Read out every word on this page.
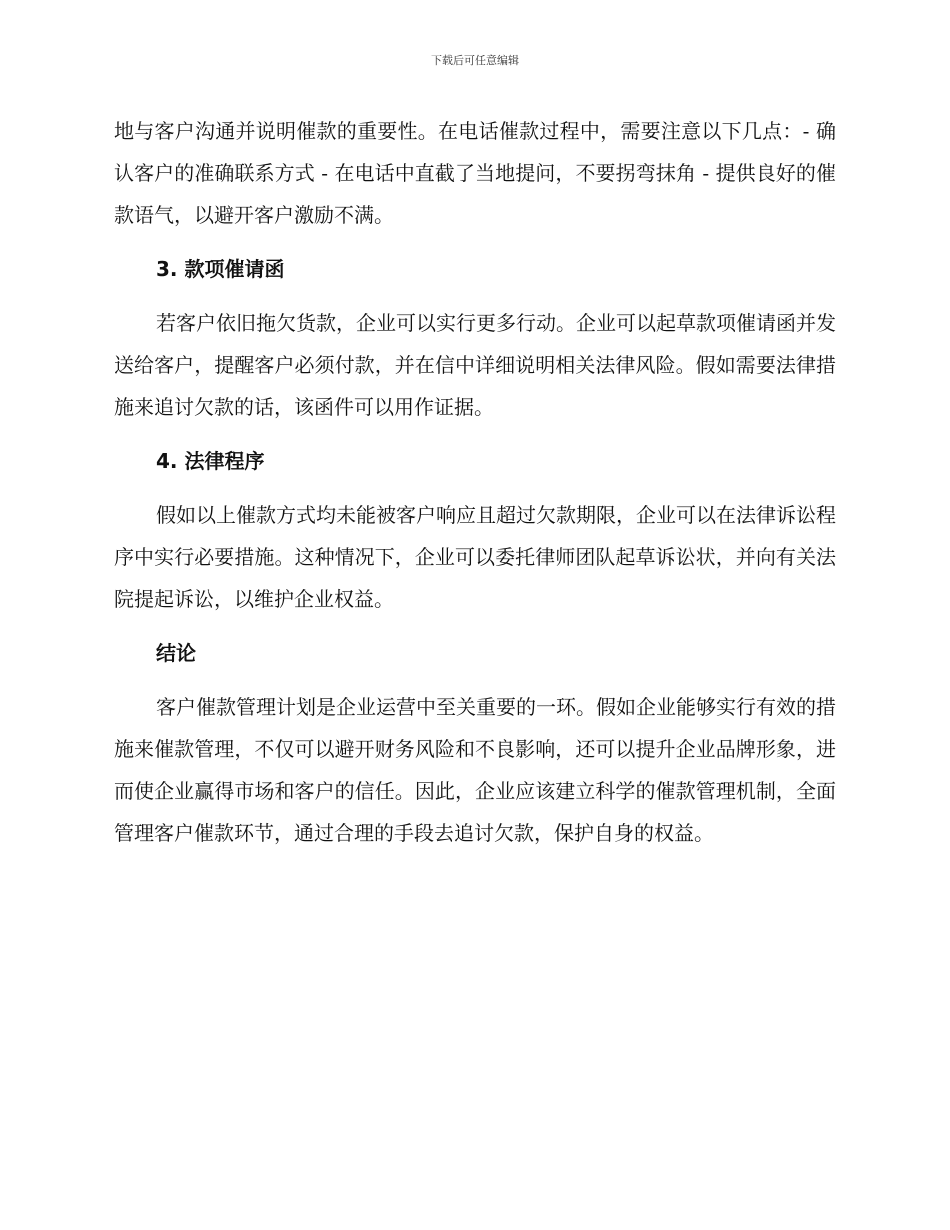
下载后可任意编辑

地与客户沟通并说明催款的重要性。在电话催款过程中，需要注意以下几点：- 确认客户的准确联系方式 - 在电话中直截了当地提问，不要拐弯抹角 - 提供良好的催款语气，以避开客户激励不满。

3. 款项催请函

若客户依旧拖欠货款，企业可以实行更多行动。企业可以起草款项催请函并发送给客户，提醒客户必须付款，并在信中详细说明相关法律风险。假如需要法律措施来追讨欠款的话，该函件可以用作证据。

4. 法律程序

假如以上催款方式均未能被客户响应且超过欠款期限，企业可以在法律诉讼程序中实行必要措施。这种情况下，企业可以委托律师团队起草诉讼状，并向有关法院提起诉讼，以维护企业权益。

结论

客户催款管理计划是企业运营中至关重要的一环。假如企业能够实行有效的措施来催款管理，不仅可以避开财务风险和不良影响，还可以提升企业品牌形象，进而使企业赢得市场和客户的信任。因此，企业应该建立科学的催款管理机制，全面管理客户催款环节，通过合理的手段去追讨欠款，保护自身的权益。
